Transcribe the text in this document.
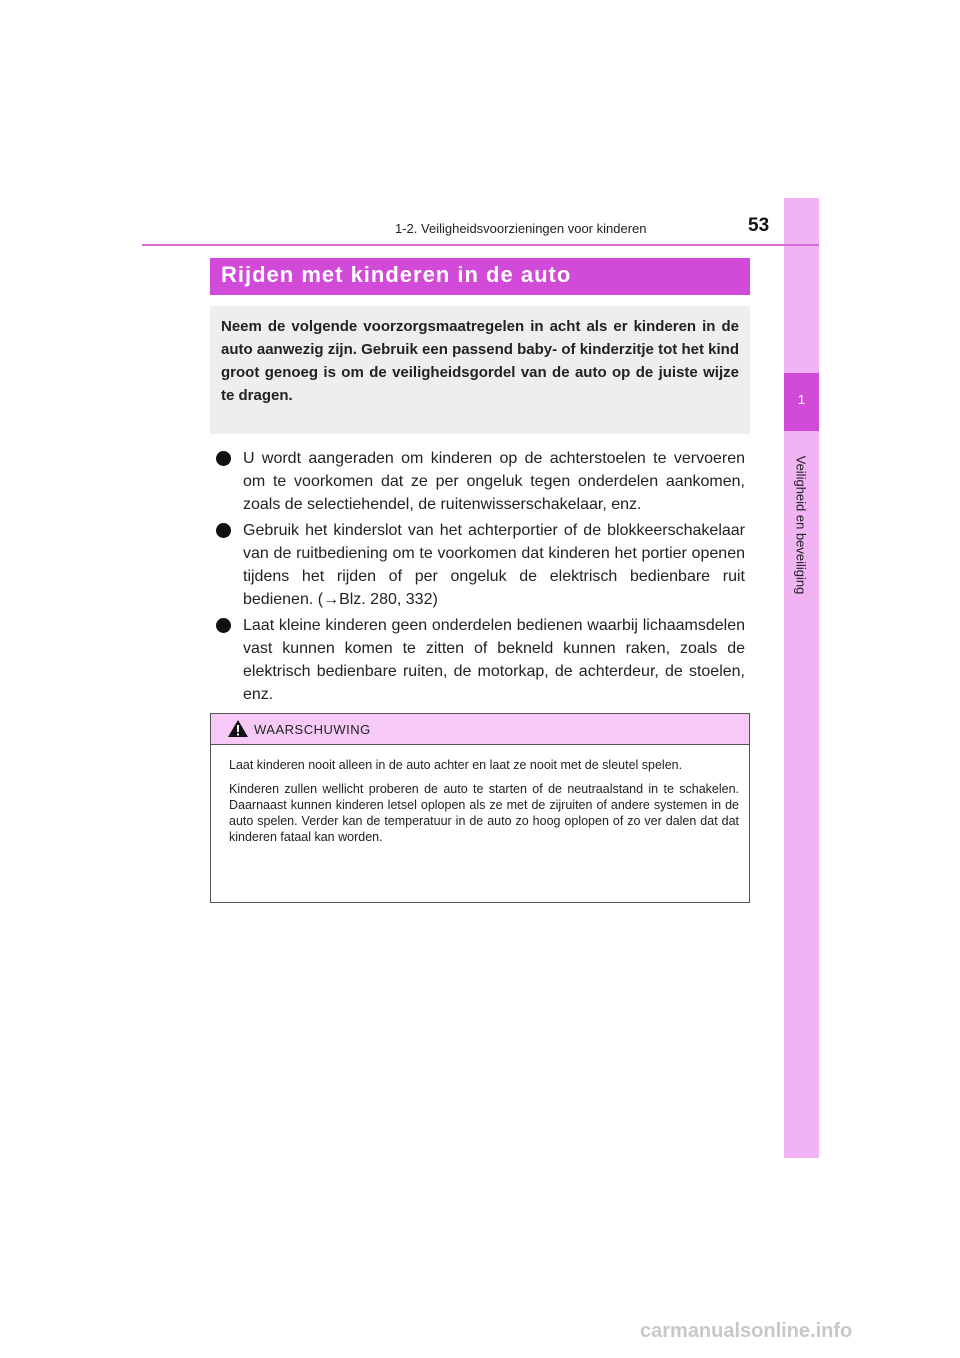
1
Veiligheid en beveiliging
1-2. Veiligheidsvoorzieningen voor kinderen	53
Rijden met kinderen in de auto
Neem de volgende voorzorgsmaatregelen in acht als er kinderen in de auto aanwezig zijn. Gebruik een passend baby- of kinderzitje tot het kind groot genoeg is om de veiligheidsgordel van de auto op de juiste wijze te dragen.
U wordt aangeraden om kinderen op de achterstoelen te vervoeren om te voorkomen dat ze per ongeluk tegen onderdelen aankomen, zoals de selectiehendel, de ruitenwisserschakelaar, enz.
Gebruik het kinderslot van het achterportier of de blokkeerschakelaar van de ruitbediening om te voorkomen dat kinderen het portier openen tijdens het rijden of per ongeluk de elektrisch bedienbare ruit bedienen. (→Blz. 280, 332)
Laat kleine kinderen geen onderdelen bedienen waarbij lichaamsdelen vast kunnen komen te zitten of bekneld kunnen raken, zoals de elektrisch bedienbare ruiten, de motorkap, de achterdeur, de stoelen, enz.
WAARSCHUWING

Laat kinderen nooit alleen in de auto achter en laat ze nooit met de sleutel spelen.

Kinderen zullen wellicht proberen de auto te starten of de neutraalstand in te schakelen. Daarnaast kunnen kinderen letsel oplopen als ze met de zijruiten of andere systemen in de auto spelen. Verder kan de temperatuur in de auto zo hoog oplopen of zo ver dalen dat dat kinderen fataal kan worden.

carmanualsonline.info
